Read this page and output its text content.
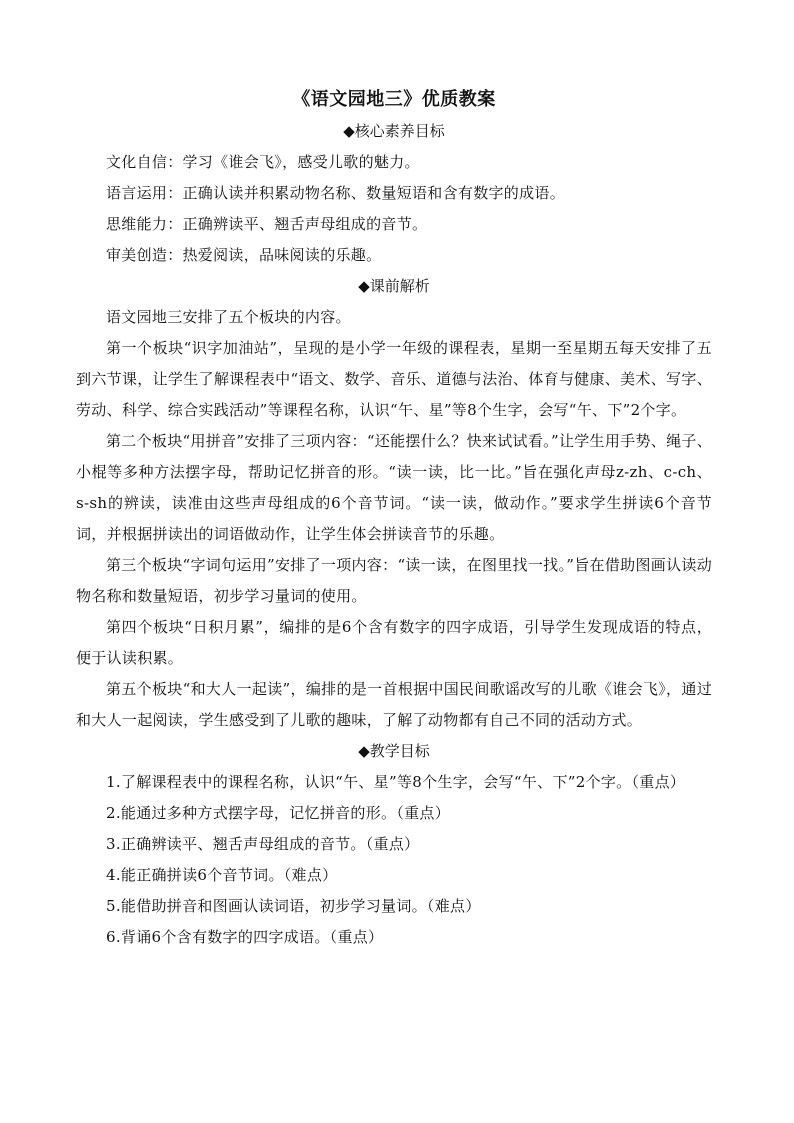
《语文园地三》优质教案

◆核心素养目标

文化自信：学习《谁会飞》，感受儿歌的魅力。

语言运用：正确认读并积累动物名称、数量短语和含有数字的成语。

思维能力：正确辨读平、翘舌声母组成的音节。

审美创造：热爱阅读，品味阅读的乐趣。

◆课前解析

语文园地三安排了五个板块的内容。

第一个板块“识字加油站”，呈现的是小学一年级的课程表，星期一至星期五每天安排了五到六节课，让学生了解课程表中“语文、数学、音乐、道德与法治、体育与健康、美术、写字、劳动、科学、综合实践活动”等课程名称，认识“午、星”等8个生字，会写“午、下”2个字。

第二个板块“用拼音”安排了三项内容：“还能摆什么？快来试试看。”让学生用手势、绳子、小棍等多种方法摆字母，帮助记忆拼音的形。“读一读，比一比。”旨在强化声母z-zh、c-ch、s-sh的辨读，读准由这些声母组成的6个音节词。“读一读，做动作。”要求学生拼读6个音节词，并根据拼读出的词语做动作，让学生体会拼读音节的乐趣。

第三个板块“字词句运用”安排了一项内容：“读一读，在图里找一找。”旨在借助图画认读动物名称和数量短语，初步学习量词的使用。

第四个板块“日积月累”，编排的是6个含有数字的四字成语，引导学生发现成语的特点，便于认读积累。

第五个板块“和大人一起读”，编排的是一首根据中国民间歌谣改写的儿歌《谁会飞》，通过和大人一起阅读，学生感受到了儿歌的趣味，了解了动物都有自己不同的活动方式。

◆教学目标

1.了解课程表中的课程名称，认识“午、星”等8个生字，会写“午、下”2个字。（重点）

2.能通过多种方式摆字母，记忆拼音的形。（重点）

3.正确辨读平、翘舌声母组成的音节。（重点）

4.能正确拼读6个音节词。（难点）

5.能借助拼音和图画认读词语，初步学习量词。（难点）

6.背诵6个含有数字的四字成语。（重点）
